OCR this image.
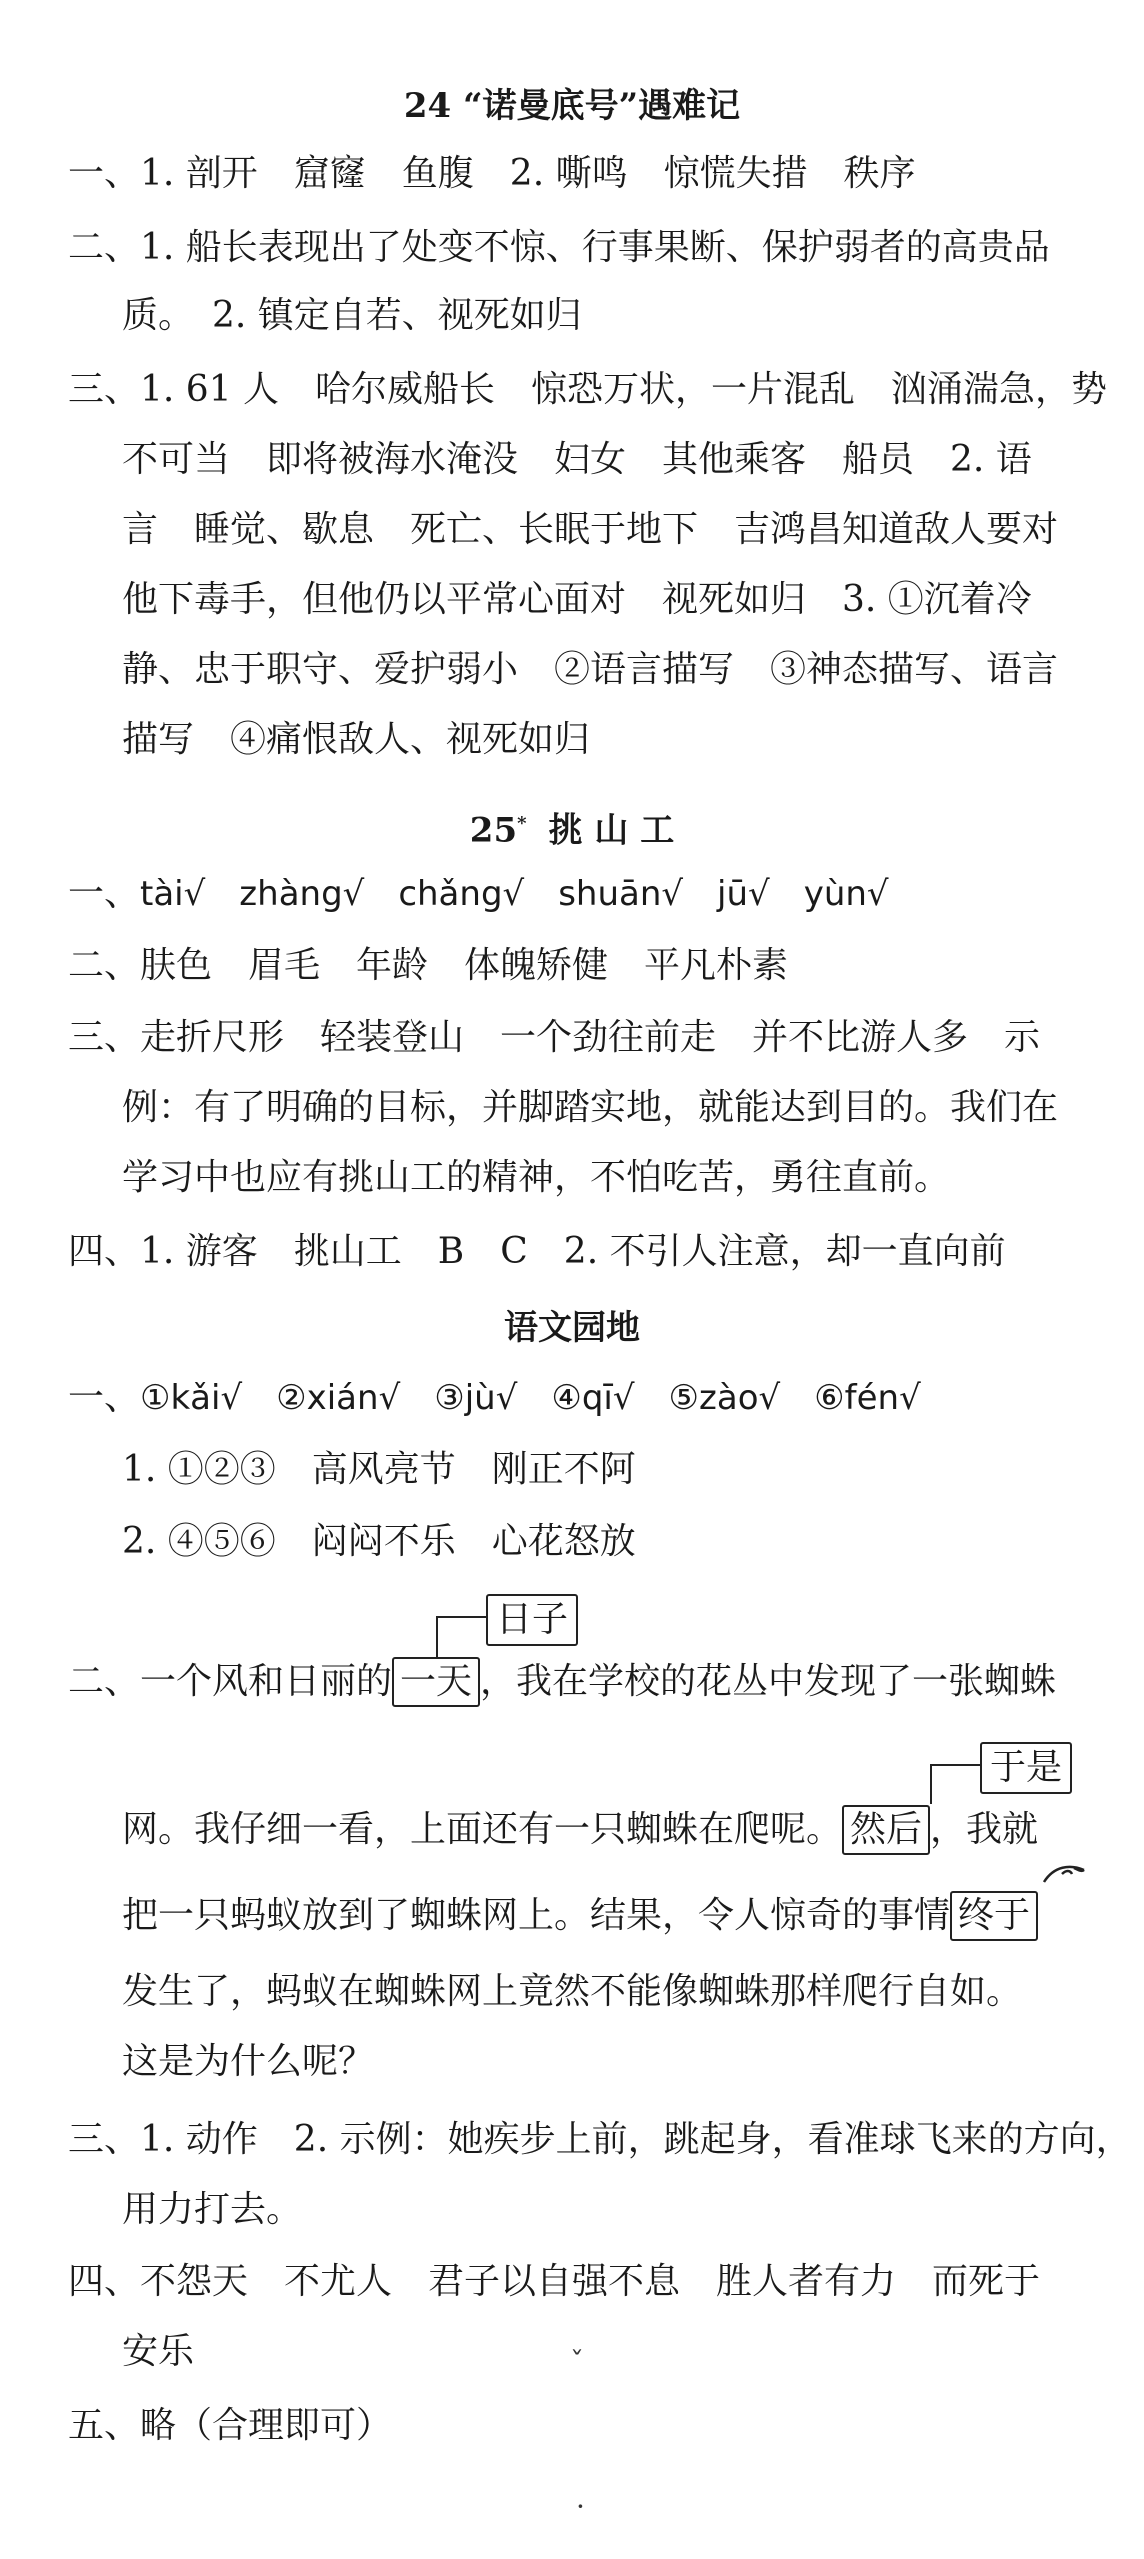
24 “诺曼底号”遇难记
一、1. 剖开　窟窿　鱼腹　2. 嘶鸣　惊慌失措　秩序
二、1. 船长表现出了处变不惊、行事果断、保护弱者的高贵品
质。　2. 镇定自若、视死如归
三、1. 61 人　哈尔威船长　惊恐万状，一片混乱　汹涌湍急，势
不可当　即将被海水淹没　妇女　其他乘客　船员　2. 语
言　睡觉、歇息　死亡、长眠于地下　吉鸿昌知道敌人要对
他下毒手，但他仍以平常心面对　视死如归　3. ①沉着冷
静、忠于职守、爱护弱小　②语言描写　③神态描写、语言
描写　④痛恨敌人、视死如归
25* 挑 山 工
一、tài√　zhàng√　chǎng√　shuān√　jū√　yùn√
二、肤色　眉毛　年龄　体魄矫健　平凡朴素
三、走折尺形　轻装登山　一个劲往前走　并不比游人多　示
例：有了明确的目标，并脚踏实地，就能达到目的。我们在
学习中也应有挑山工的精神，不怕吃苦，勇往直前。
四、1. 游客　挑山工　B　C　2. 不引人注意，却一直向前
语文园地
一、①kǎi√　②xián√　③jù√　④qī√　⑤zào√　⑥fén√
1. ①②③　高风亮节　刚正不阿
2. ④⑤⑥　闷闷不乐　心花怒放
日子
二、一个风和日丽的 一天 ，我在学校的花丛中发现了一张蜘蛛
于是
网。我仔细一看，上面还有一只蜘蛛在爬呢。 然后 ，我就
把一只蚂蚁放到了蜘蛛网上。结果，令人惊奇的事情 终于
发生了，蚂蚁在蜘蛛网上竟然不能像蜘蛛那样爬行自如。
这是为什么呢？
三、1. 动作　2. 示例：她疾步上前，跳起身，看准球飞来的方向，
用力打去。
四、不怨天　不尤人　君子以自强不息　胜人者有力　而死于
安乐
五、略（合理即可）
ˇ
·
